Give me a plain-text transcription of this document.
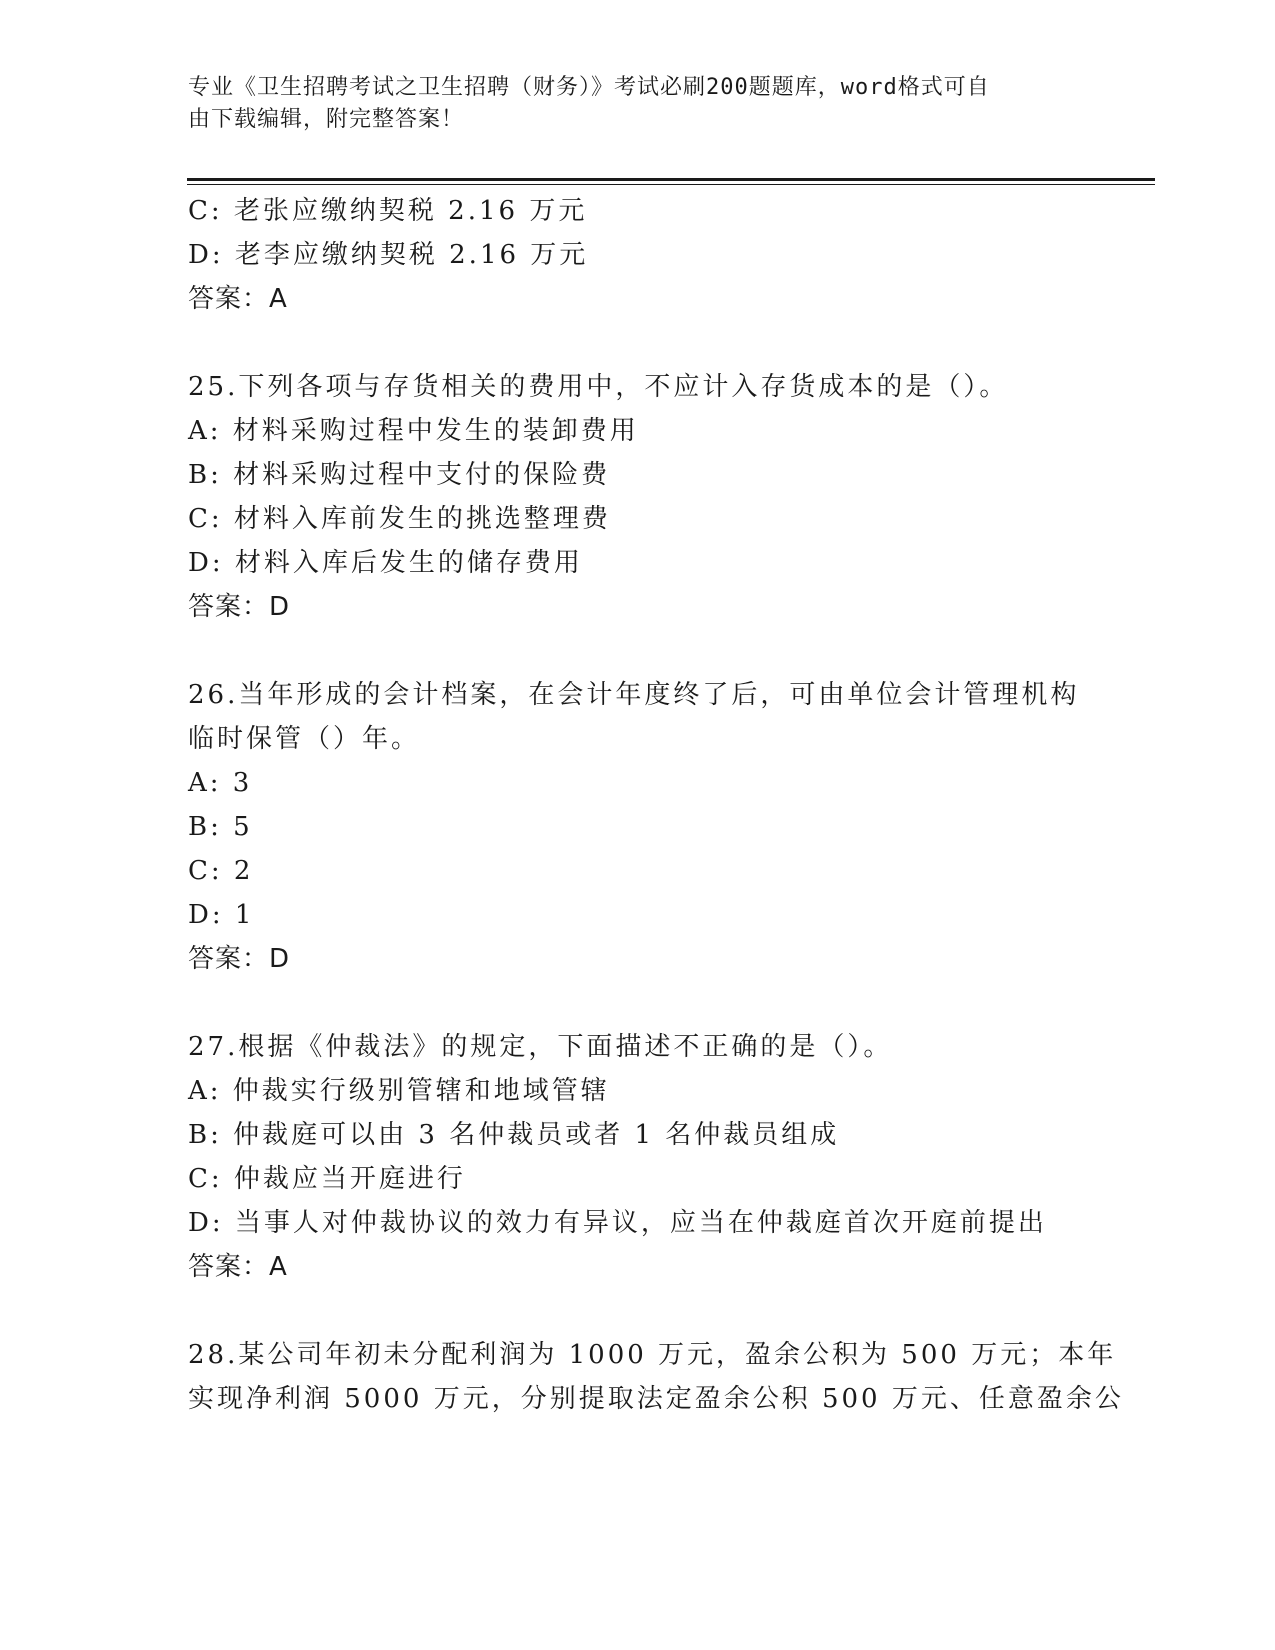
专业《卫生招聘考试之卫生招聘（财务）》考试必刷200题题库，word格式可自
由下载编辑，附完整答案！
C: 老张应缴纳契税 2.16 万元
D: 老李应缴纳契税 2.16 万元
答案：A
25.下列各项与存货相关的费用中，不应计入存货成本的是（）。
A: 材料采购过程中发生的装卸费用
B: 材料采购过程中支付的保险费
C: 材料入库前发生的挑选整理费
D: 材料入库后发生的储存费用
答案：D
26.当年形成的会计档案，在会计年度终了后，可由单位会计管理机构
临时保管（）年。
A: 3
B: 5
C: 2
D: 1
答案：D
27.根据《仲裁法》的规定，下面描述不正确的是（）。
A: 仲裁实行级别管辖和地域管辖
B: 仲裁庭可以由 3 名仲裁员或者 1 名仲裁员组成
C: 仲裁应当开庭进行
D: 当事人对仲裁协议的效力有异议，应当在仲裁庭首次开庭前提出
答案：A
28.某公司年初未分配利润为 1000 万元，盈余公积为 500 万元；本年
实现净利润 5000 万元，分别提取法定盈余公积 500 万元、任意盈余公
